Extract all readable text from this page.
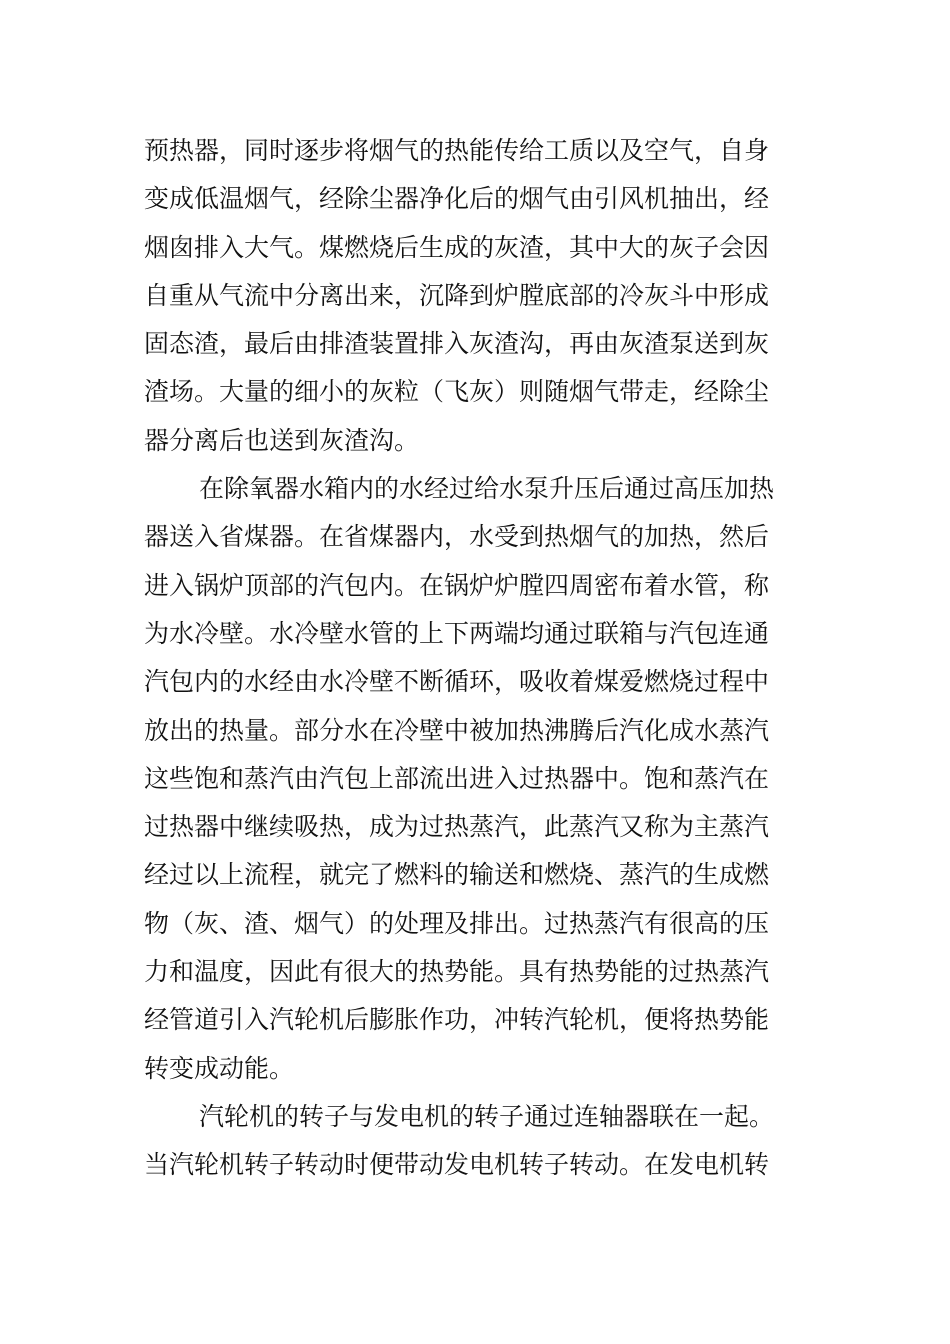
预热器，同时逐步将烟气的热能传给工质以及空气，自身
变成低温烟气，经除尘器净化后的烟气由引风机抽出，经
烟囱排入大气。煤燃烧后生成的灰渣，其中大的灰子会因
自重从气流中分离出来，沉降到炉膛底部的冷灰斗中形成
固态渣，最后由排渣装置排入灰渣沟，再由灰渣泵送到灰
渣场。大量的细小的灰粒（飞灰）则随烟气带走，经除尘
器分离后也送到灰渣沟。
在除氧器水箱内的水经过给水泵升压后通过高压加热
器送入省煤器。在省煤器内，水受到热烟气的加热，然后
进入锅炉顶部的汽包内。在锅炉炉膛四周密布着水管，称
为水冷壁。水冷壁水管的上下两端均通过联箱与汽包连通
汽包内的水经由水冷壁不断循环，吸收着煤爱燃烧过程中
放出的热量。部分水在冷壁中被加热沸腾后汽化成水蒸汽
这些饱和蒸汽由汽包上部流出进入过热器中。饱和蒸汽在
过热器中继续吸热，成为过热蒸汽，此蒸汽又称为主蒸汽
经过以上流程，就完了燃料的输送和燃烧、蒸汽的生成燃
物（灰、渣、烟气）的处理及排出。过热蒸汽有很高的压
力和温度，因此有很大的热势能。具有热势能的过热蒸汽
经管道引入汽轮机后膨胀作功，冲转汽轮机，便将热势能
转变成动能。
汽轮机的转子与发电机的转子通过连轴器联在一起。
当汽轮机转子转动时便带动发电机转子转动。在发电机转
